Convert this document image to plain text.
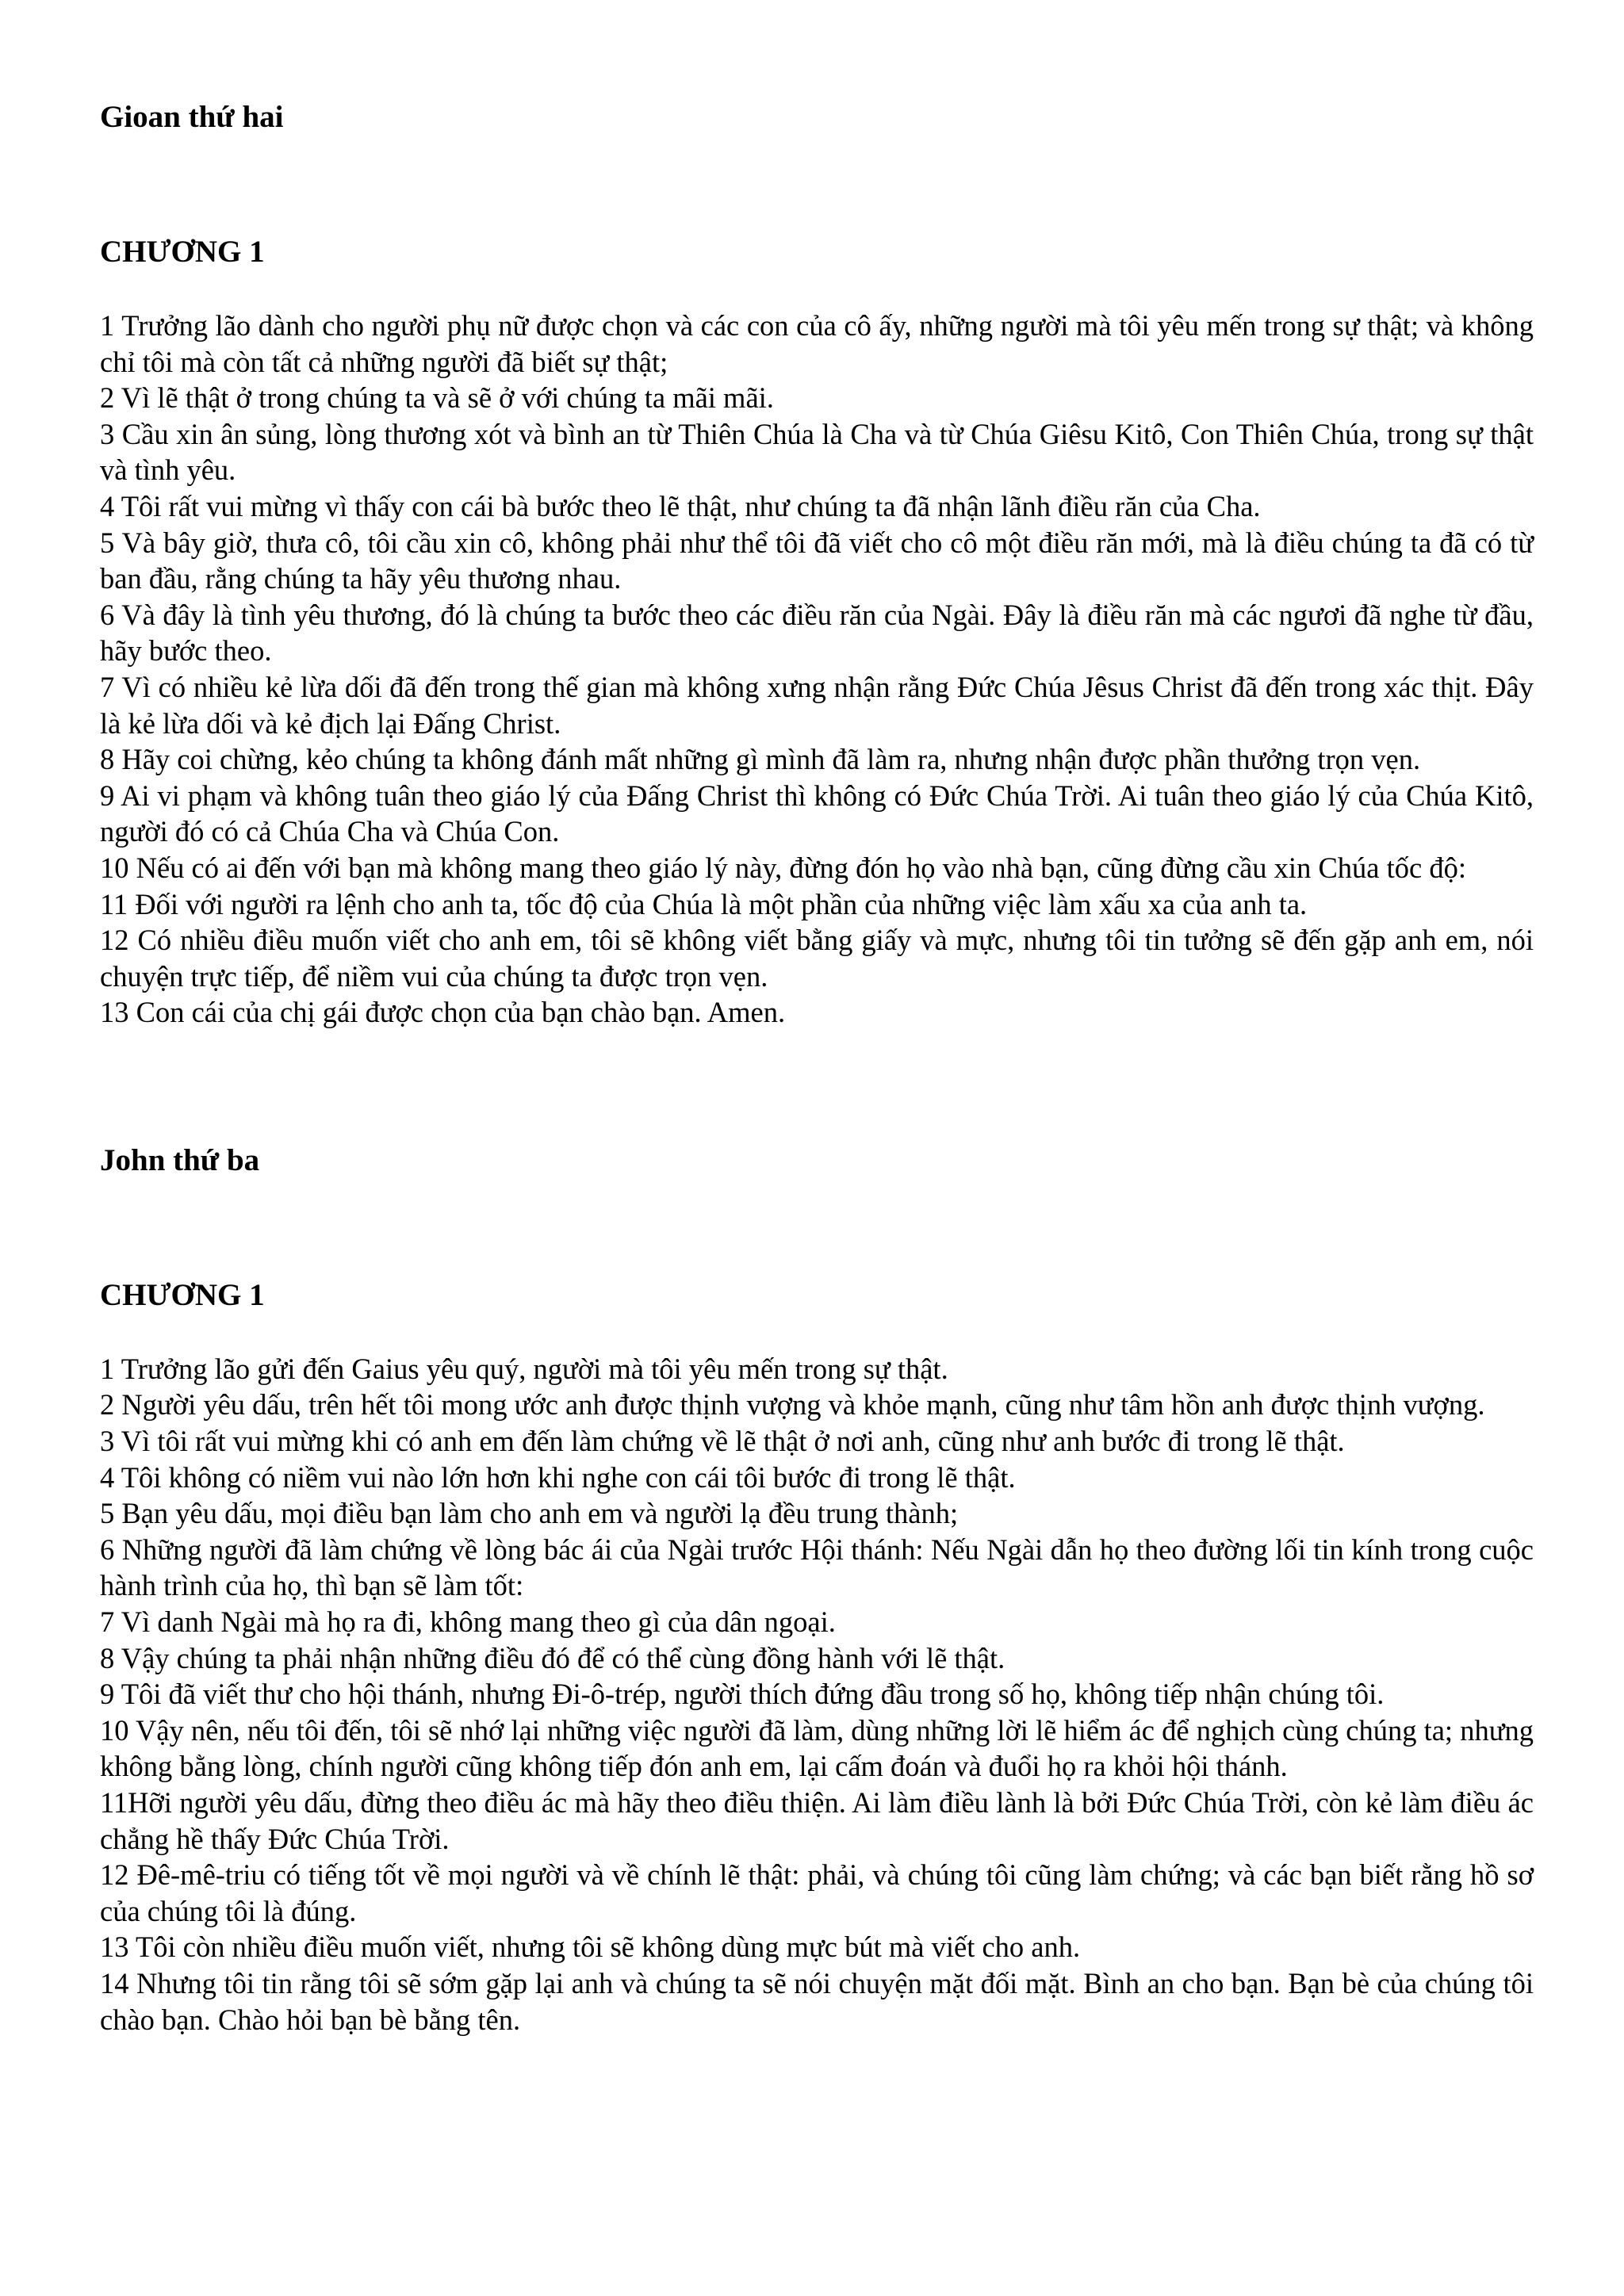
Gioan thứ hai
CHƯƠNG 1

1 Trưởng lão dành cho người phụ nữ được chọn và các con của cô ấy, những người mà tôi yêu mến trong sự thật; và không chỉ tôi mà còn tất cả những người đã biết sự thật;

2 Vì lẽ thật ở trong chúng ta và sẽ ở với chúng ta mãi mãi.

3 Cầu xin ân sủng, lòng thương xót và bình an từ Thiên Chúa là Cha và từ Chúa Giêsu Kitô, Con Thiên Chúa, trong sự thật và tình yêu.

4 Tôi rất vui mừng vì thấy con cái bà bước theo lẽ thật, như chúng ta đã nhận lãnh điều răn của Cha.

5 Và bây giờ, thưa cô, tôi cầu xin cô, không phải như thể tôi đã viết cho cô một điều răn mới, mà là điều chúng ta đã có từ ban đầu, rằng chúng ta hãy yêu thương nhau.

6 Và đây là tình yêu thương, đó là chúng ta bước theo các điều răn của Ngài. Đây là điều răn mà các ngươi đã nghe từ đầu, hãy bước theo.

7 Vì có nhiều kẻ lừa dối đã đến trong thế gian mà không xưng nhận rằng Đức Chúa Jêsus Christ đã đến trong xác thịt. Đây là kẻ lừa dối và kẻ địch lại Đấng Christ.

8 Hãy coi chừng, kẻo chúng ta không đánh mất những gì mình đã làm ra, nhưng nhận được phần thưởng trọn vẹn.

9 Ai vi phạm và không tuân theo giáo lý của Đấng Christ thì không có Đức Chúa Trời. Ai tuân theo giáo lý của Chúa Kitô, người đó có cả Chúa Cha và Chúa Con.

10 Nếu có ai đến với bạn mà không mang theo giáo lý này, đừng đón họ vào nhà bạn, cũng đừng cầu xin Chúa tốc độ:

11 Đối với người ra lệnh cho anh ta, tốc độ của Chúa là một phần của những việc làm xấu xa của anh ta.

12 Có nhiều điều muốn viết cho anh em, tôi sẽ không viết bằng giấy và mực, nhưng tôi tin tưởng sẽ đến gặp anh em, nói chuyện trực tiếp, để niềm vui của chúng ta được trọn vẹn.

13 Con cái của chị gái được chọn của bạn chào bạn. Amen.

John thứ ba
CHƯƠNG 1

1 Trưởng lão gửi đến Gaius yêu quý, người mà tôi yêu mến trong sự thật.

2 Người yêu dấu, trên hết tôi mong ước anh được thịnh vượng và khỏe mạnh, cũng như tâm hồn anh được thịnh vượng.

3 Vì tôi rất vui mừng khi có anh em đến làm chứng về lẽ thật ở nơi anh, cũng như anh bước đi trong lẽ thật.

4 Tôi không có niềm vui nào lớn hơn khi nghe con cái tôi bước đi trong lẽ thật.

5 Bạn yêu dấu, mọi điều bạn làm cho anh em và người lạ đều trung thành;

6 Những người đã làm chứng về lòng bác ái của Ngài trước Hội thánh: Nếu Ngài dẫn họ theo đường lối tin kính trong cuộc hành trình của họ, thì bạn sẽ làm tốt:

7 Vì danh Ngài mà họ ra đi, không mang theo gì của dân ngoại.

8 Vậy chúng ta phải nhận những điều đó để có thể cùng đồng hành với lẽ thật.

9 Tôi đã viết thư cho hội thánh, nhưng Đi-ô-trép, người thích đứng đầu trong số họ, không tiếp nhận chúng tôi.

10 Vậy nên, nếu tôi đến, tôi sẽ nhớ lại những việc người đã làm, dùng những lời lẽ hiểm ác để nghịch cùng chúng ta; nhưng không bằng lòng, chính người cũng không tiếp đón anh em, lại cấm đoán và đuổi họ ra khỏi hội thánh.

11Hỡi người yêu dấu, đừng theo điều ác mà hãy theo điều thiện. Ai làm điều lành là bởi Đức Chúa Trời, còn kẻ làm điều ác chẳng hề thấy Đức Chúa Trời.

12 Đê-mê-triu có tiếng tốt về mọi người và về chính lẽ thật: phải, và chúng tôi cũng làm chứng; và các bạn biết rằng hồ sơ của chúng tôi là đúng.

13 Tôi còn nhiều điều muốn viết, nhưng tôi sẽ không dùng mực bút mà viết cho anh.

14 Nhưng tôi tin rằng tôi sẽ sớm gặp lại anh và chúng ta sẽ nói chuyện mặt đối mặt. Bình an cho bạn. Bạn bè của chúng tôi chào bạn. Chào hỏi bạn bè bằng tên.
